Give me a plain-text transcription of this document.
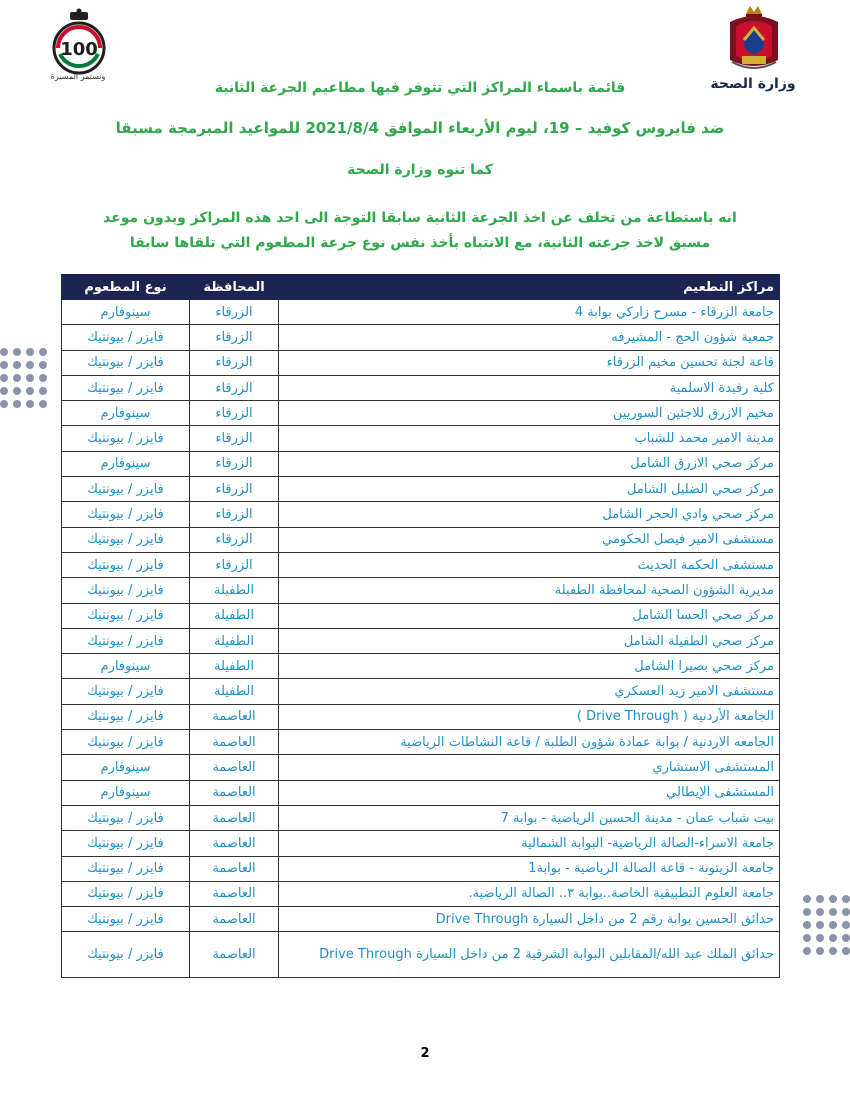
100
ونستمر المسيرة	وزارة الصحة
قائمة باسماء المراكز التي تتوفر فيها مطاعيم الجرعة الثانية
ضد فايروس كوفيد – 19، ليوم الأربعاء الموافق 2021/8/4 للمواعيد المبرمجة مسبقا
كما تنوه وزارة الصحة
انه باستطاعة من تخلف عن اخذ الجرعة الثانية سابقا التوجة الى احد هذه المراكز وبدون موعد
مسبق لاخذ جرعته الثانية، مع الانتباه بأخذ نفس نوع جرعة المطعوم التي تلقاها سابقا
مراكز التطعيم	المحافظة	نوع المطعوم
جامعة الزرقاء - مسرح زاركي بوابة 4	الزرقاء	سينوفارم
جمعية شؤون الحج - المشيرفه	الزرقاء	فايزر / بيونتيك
قاعة لجنة تحسين مخيم الزرقاء	الزرقاء	فايزر / بيونتيك
كلية رفيدة الاسلمية	الزرقاء	فايزر / بيونتيك
مخيم الازرق للاجئين السوريين	الزرقاء	سينوفارم
مدينة الامير محمد للشباب	الزرقاء	فايزر / بيونتيك
مركز صحي الازرق الشامل	الزرقاء	سينوفارم
مركز صحي الضليل الشامل	الزرقاء	فايزر / بيونتيك
مركز صحي وادي الحجر الشامل	الزرقاء	فايزر / بيونتيك
مستشفى الامير فيصل الحكومي	الزرقاء	فايزر / بيونتيك
مستشفى الحكمة الحديث	الزرقاء	فايزر / بيونتيك
مديرية الشؤون الصحية لمحافظة الطفيلة	الطفيلة	فايزر / بيونتيك
مركز صحي الحسا الشامل	الطفيلة	فايزر / بيونتيك
مركز صحي الطفيلة الشامل	الطفيلة	فايزر / بيونتيك
مركز صحي بصيرا الشامل	الطفيلة	سينوفارم
مستشفى الامير زيد العسكري	الطفيلة	فايزر / بيونتيك
الجامعة الأردنية ( Drive Through )	العاصمة	فايزر / بيونتيك
الجامعه الاردنية / بوابة عمادة شؤون الطلبة / قاعة النشاطات الرياضية	العاصمة	فايزر / بيونتيك
المستشفى الاستشاري	العاصمة	سينوفارم
المستشفى الإيطالي	العاصمة	سينوفارم
بيت شباب عمان - مدينة الحسين الرياضية - بوابة 7	العاصمة	فايزر / بيونتيك
جامعة الاسراء-الصالة الرياضية- البوابة الشمالية	العاصمة	فايزر / بيونتيك
جامعة الزيتونة - قاعة الصالة الرياضية - بوابة1	العاصمة	فايزر / بيونتيك
جامعة العلوم التطبيقية الخاصة..بوابة ٣.. الصالة الرياضية.	العاصمة	فايزر / بيونتيك
حدائق الحسين بوابة رقم 2 من داخل السيارة Drive Through	العاصمة	فايزر / بيونتيك
حدائق الملك عبد الله/المقابلين البوابة الشرقية 2 من داخل السيارة Drive Through	العاصمة	فايزر / بيونتيك
2
